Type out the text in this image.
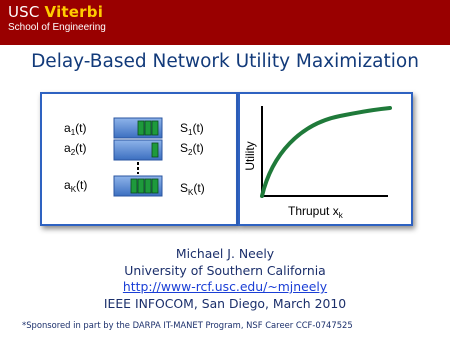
USC Viterbi
School of Engineering
Delay-Based Network Utility Maximization
$a_1(t)$
$a_2(t)$
$a_K(t)$
$S_1(t)$
$S_2(t)$
$S_K(t)$
Utility
Thruput $x_k$
Michael J. Neely
University of Southern California
http://www-rcf.usc.edu/~mjneely
IEEE INFOCOM, San Diego, March 2010
*Sponsored in part by the DARPA IT-MANET Program, NSF Career CCF-0747525
